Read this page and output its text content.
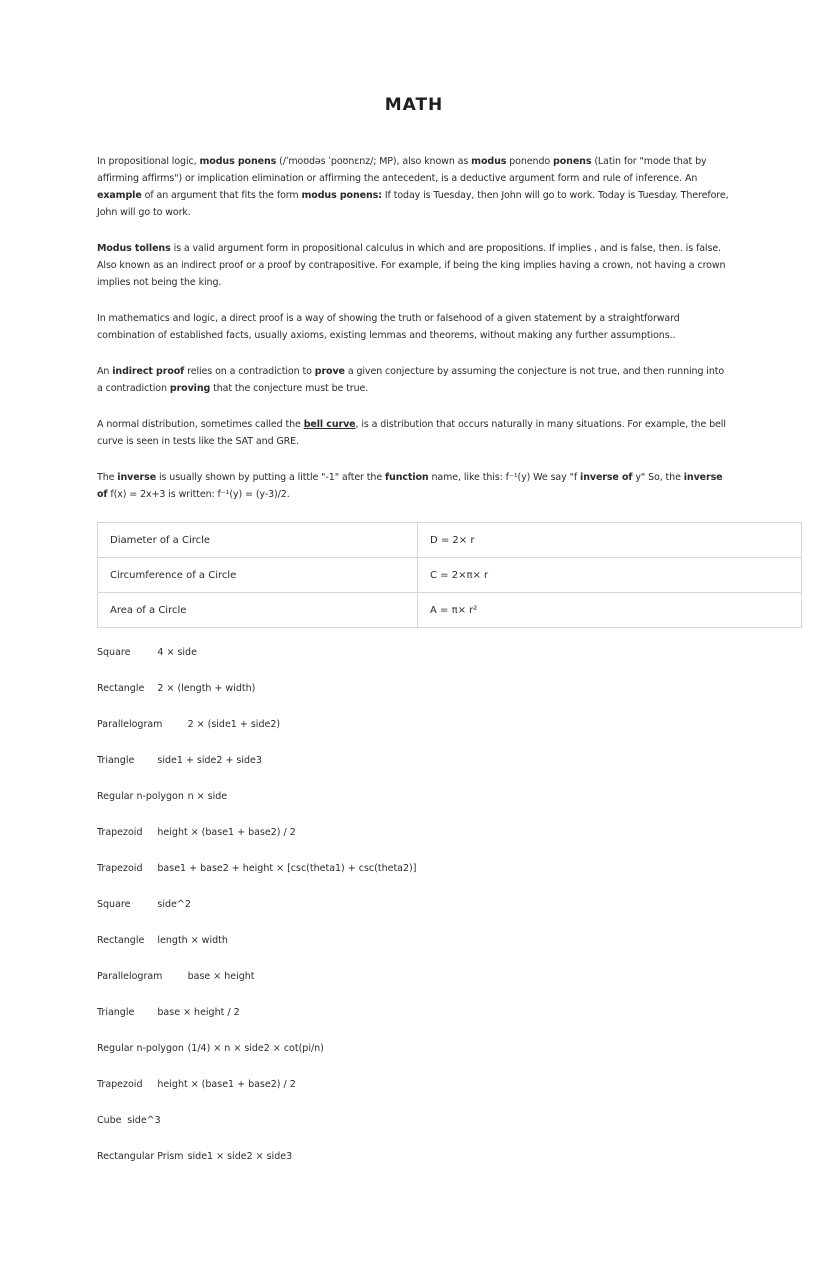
MATH

In propositional logic, modus ponens (/ˈmoʊdəs ˈpoʊnɛnz/; MP), also known as modus ponendo ponens (Latin for "mode that by affirming affirms") or implication elimination or affirming the antecedent, is a deductive argument form and rule of inference. An example of an argument that fits the form modus ponens: If today is Tuesday, then John will go to work. Today is Tuesday. Therefore, John will go to work.

Modus tollens is a valid argument form in propositional calculus in which and are propositions. If implies , and is false, then. is false. Also known as an indirect proof or a proof by contrapositive. For example, if being the king implies having a crown, not having a crown implies not being the king.

In mathematics and logic, a direct proof is a way of showing the truth or falsehood of a given statement by a straightforward combination of established facts, usually axioms, existing lemmas and theorems, without making any further assumptions..

An indirect proof relies on a contradiction to prove a given conjecture by assuming the conjecture is not true, and then running into a contradiction proving that the conjecture must be true.

A normal distribution, sometimes called the bell curve, is a distribution that occurs naturally in many situations. For example, the bell curve is seen in tests like the SAT and GRE.

The inverse is usually shown by putting a little "-1" after the function name, like this: f⁻¹(y) We say "f inverse of y" So, the inverse of f(x) = 2x+3 is written: f⁻¹(y) = (y-3)/2.

Diameter of a Circle	D = 2× r
Circumference of a Circle	C = 2×π× r
Area of a Circle	A = π× r²
Square	4 × side
Rectangle	2 × (length + width)
Parallelogram	2 × (side1 + side2)
Triangle	side1 + side2 + side3
Regular n-polygon	n × side
Trapezoid	height × (base1 + base2) / 2
Trapezoid	base1 + base2 + height × [csc(theta1) + csc(theta2)]
Square	side^2
Rectangle	length × width
Parallelogram	base × height
Triangle	base × height / 2
Regular n-polygon	(1/4) × n × side2 × cot(pi/n)
Trapezoid	height × (base1 + base2) / 2
Cube	side^3
Rectangular Prism	side1 × side2 × side3
